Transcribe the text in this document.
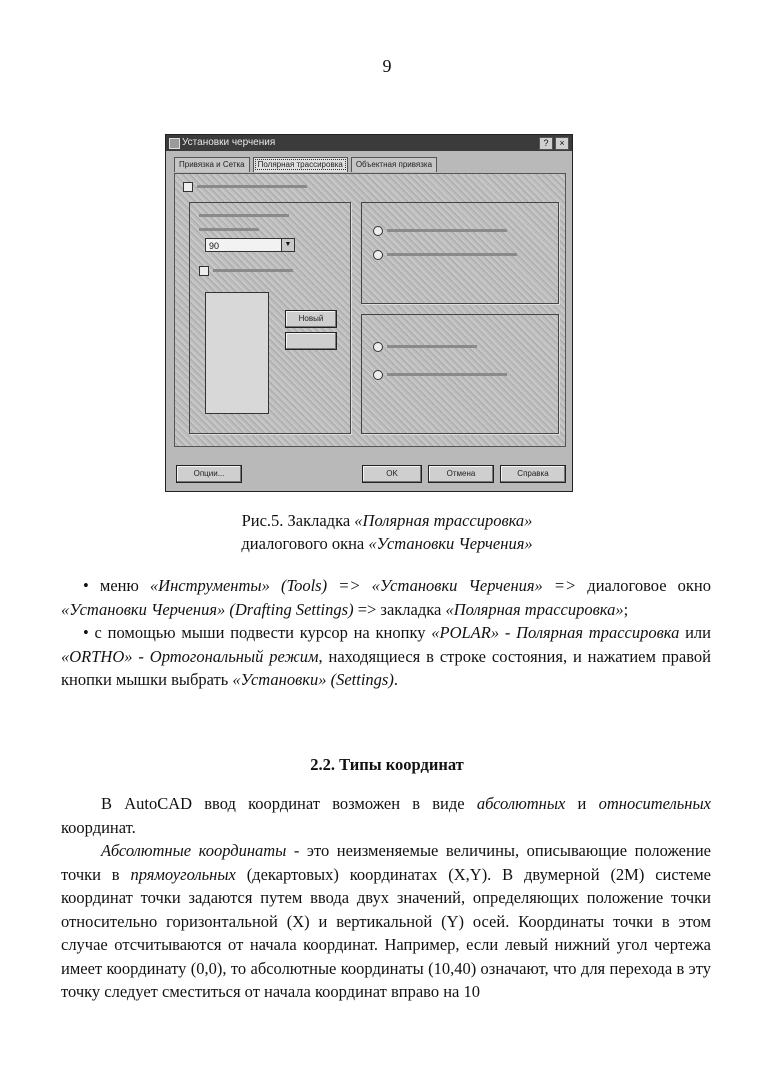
9
Установки черчения	?	×
Привязка и Сетка	Полярная трассировка	Объектная привязка
90	▼
Новый
Опции...	OK	Отмена	Справка
Рис.5. Закладка «Полярная трассировка»
диалогового окна «Установки Черчения»

• меню «Инструменты» (Tools) => «Установки Черчения» => диалоговое окно «Установки Черчения» (Drafting Settings) => закладка «Полярная трассировка»;

• с помощью мыши подвести курсор на кнопку «POLAR» - Полярная трассировка или «ORTHO» - Ортогональный режим, находящиеся в строке состояния, и нажатием правой кнопки мышки выбрать «Установки» (Settings).

2.2. Типы координат

В AutoCAD ввод координат возможен в виде абсолютных и относительных координат.

Абсолютные координаты - это неизменяемые величины, описывающие положение точки в прямоугольных (декартовых) координатах (X,Y). В двумерной (2М) системе координат точки задаются путем ввода двух значений, определяющих положение точки относительно горизонтальной (X) и вертикальной (Y) осей. Координаты точки в этом случае отсчитываются от начала координат. Например, если левый нижний угол чертежа имеет координату (0,0), то абсолютные координаты (10,40) означают, что для перехода в эту точку следует сместиться от начала координат вправо на 10
